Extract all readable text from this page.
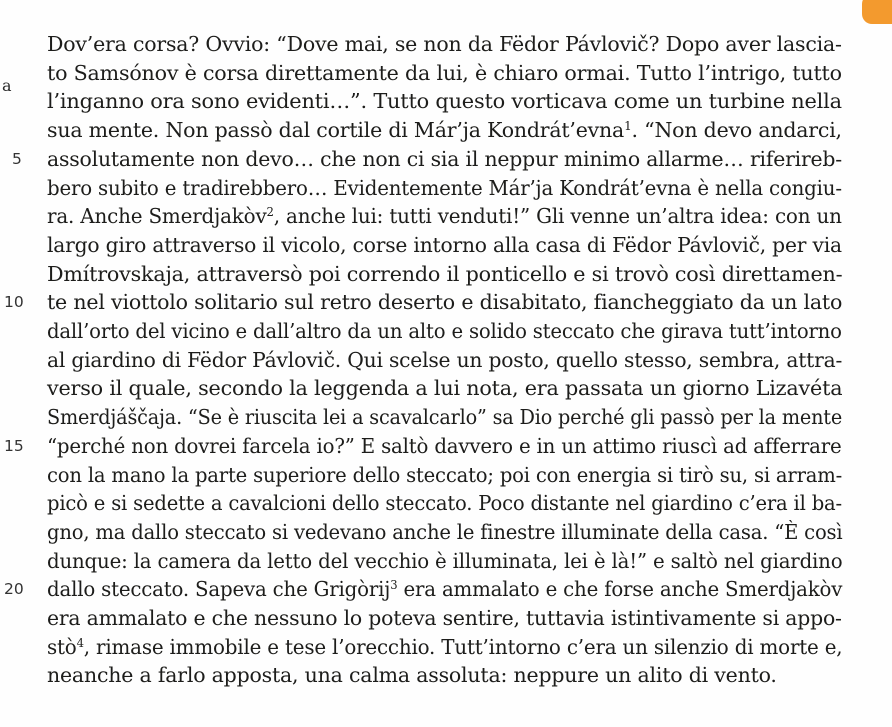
a
Dov’era corsa? Ovvio: “Dove mai, se non da Fëdor Pávlovič? Dopo aver lascia-
to Samsónov è corsa direttamente da lui, è chiaro ormai. Tutto l’intrigo, tutto
l’inganno ora sono evidenti…”. Tutto questo vorticava come un turbine nella
sua mente. Non passò dal cortile di Már’ja Kondrát’evna$^1$. “Non devo andarci,
5 assolutamente non devo… che non ci sia il neppur minimo allarme… riferireb-
bero subito e tradirebbero… Evidentemente Már’ja Kondrát’evna è nella congiu-
ra. Anche Smerdjakòv$^2$, anche lui: tutti venduti!” Gli venne un’altra idea: con un
largo giro attraverso il vicolo, corse intorno alla casa di Fëdor Pávlovič, per via
Dmítrovskaja, attraversò poi correndo il ponticello e si trovò così direttamen-
10 te nel viottolo solitario sul retro deserto e disabitato, fiancheggiato da un lato
dall’orto del vicino e dall’altro da un alto e solido steccato che girava tutt’intorno
al giardino di Fëdor Pávlovič. Qui scelse un posto, quello stesso, sembra, attra-
verso il quale, secondo la leggenda a lui nota, era passata un giorno Lizavéta
Smerdjáščaja. “Se è riuscita lei a scavalcarlo” sa Dio perché gli passò per la mente
15 “perché non dovrei farcela io?” E saltò davvero e in un attimo riuscì ad afferrare
con la mano la parte superiore dello steccato; poi con energia si tirò su, si arram-
picò e si sedette a cavalcioni dello steccato. Poco distante nel giardino c’era il ba-
gno, ma dallo steccato si vedevano anche le finestre illuminate della casa. “È così
dunque: la camera da letto del vecchio è illuminata, lei è là!” e saltò nel giardino
20 dallo steccato. Sapeva che Grigòrij$^3$ era ammalato e che forse anche Smerdjakòv
era ammalato e che nessuno lo poteva sentire, tuttavia istintivamente si appo-
stò$^4$, rimase immobile e tese l’orecchio. Tutt’intorno c’era un silenzio di morte e,
neanche a farlo apposta, una calma assoluta: neppure un alito di vento.
